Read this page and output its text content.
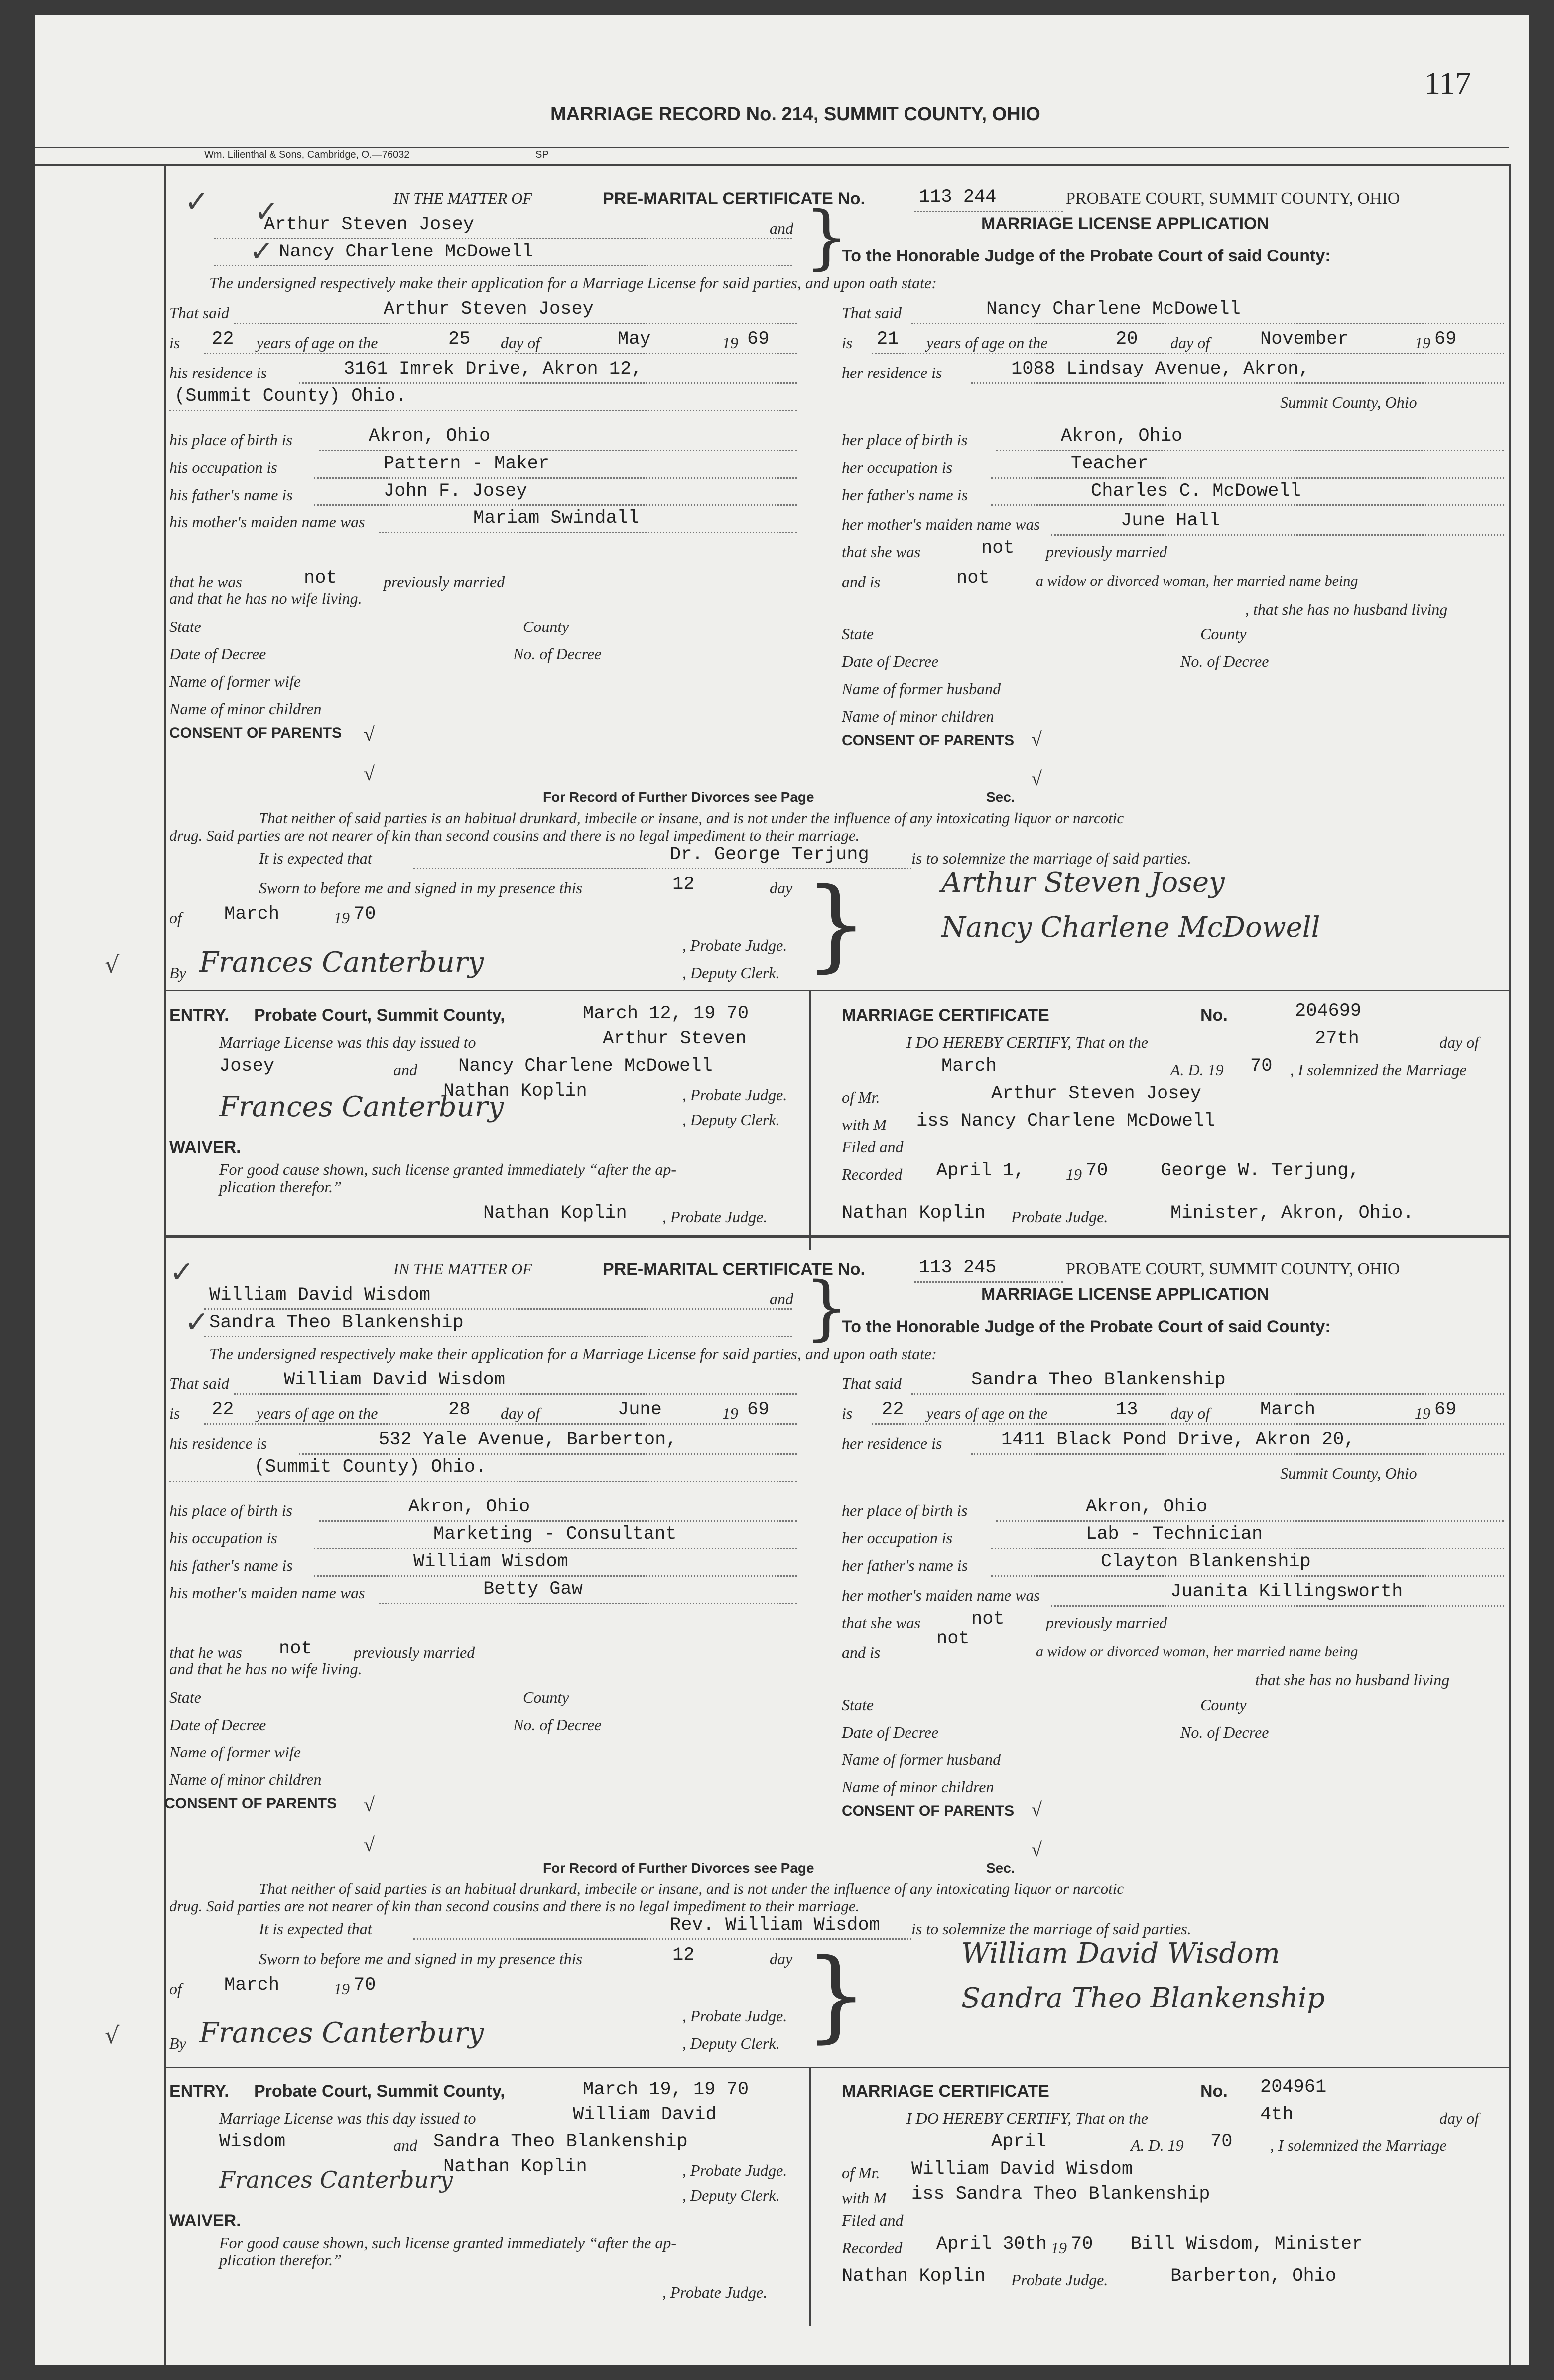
117
MARRIAGE RECORD No. 214, SUMMIT COUNTY, OHIO
Wm. Lilienthal & Sons, Cambridge, O.—76032	SP
✓ ✓
✓
√
IN THE MATTER OF	PRE-MARITAL CERTIFICATE No.	113 244	PROBATE COURT, SUMMIT COUNTY, OHIO
Arthur Steven Josey	and
Nancy Charlene McDowell	}	MARRIAGE LICENSE APPLICATION
To the Honorable Judge of the Probate Court of said County:
The undersigned respectively make their application for a Marriage License for said parties, and upon oath state:
That said	Arthur Steven Josey
is 22 years of age on the	25 day of	May	19 69
his residence is	3161 Imrek Drive, Akron 12,
(Summit County) Ohio.
his place of birth is	Akron, Ohio
his occupation is	Pattern - Maker
his father's name is	John F. Josey
his mother's maiden name was	Mariam Swindall
that he was	not	previously married
and that he has no wife living.
State	County
Date of Decree	No. of Decree
Name of former wife
Name of minor children
CONSENT OF PARENTS √
√
That said	Nancy Charlene McDowell
is 21 years of age on the	20 day of	November	19 69
her residence is	1088 Lindsay Avenue, Akron,
Summit County, Ohio
her place of birth is	Akron, Ohio
her occupation is	Teacher
her father's name is	Charles C. McDowell
her mother's maiden name was	June Hall
that she was	not previously married
and is	not	a widow or divorced woman, her married name being
, that she has no husband living
State	County
Date of Decree	No. of Decree
Name of former husband
Name of minor children
CONSENT OF PARENTS √
√
For Record of Further Divorces see Page	Sec.
That neither of said parties is an habitual drunkard, imbecile or insane, and is not under the influence of any intoxicating liquor or narcotic
drug. Said parties are not nearer of kin than second cousins and there is no legal impediment to their marriage.
It is expected that	Dr. George Terjung	is to solemnize the marriage of said parties.
Sworn to before me and signed in my presence this	12	day
of March	19 70
, Probate Judge.
By Frances Canterbury	, Deputy Clerk. }	Arthur Steven Josey
Nancy Charlene McDowell
ENTRY. Probate Court, Summit County,	March 12, 19 70
Marriage License was this day issued to	Arthur Steven
Josey	and Nancy Charlene McDowell
Nathan Koplin	, Probate Judge.
Frances Canterbury	, Deputy Clerk.
WAIVER.
For good cause shown, such license granted immediately “after the ap-
plication therefor.”
Nathan Koplin , Probate Judge.
MARRIAGE CERTIFICATE	No.	204699
I DO HEREBY CERTIFY, That on the	27th	day of
March	A. D. 19 70 , I solemnized the Marriage
of Mr.	Arthur Steven Josey
with M iss Nancy Charlene McDowell
Filed and
Recorded April 1,	19 70	George W. Terjung,
Nathan Koplin Probate Judge.	Minister, Akron, Ohio.
✓
✓
√
IN THE MATTER OF	PRE-MARITAL CERTIFICATE No.	113 245	PROBATE COURT, SUMMIT COUNTY, OHIO
William David Wisdom	and
Sandra Theo Blankenship	}	MARRIAGE LICENSE APPLICATION
To the Honorable Judge of the Probate Court of said County:
The undersigned respectively make their application for a Marriage License for said parties, and upon oath state:
That said	William David Wisdom
is 22 years of age on the	28 day of	June	19 69
his residence is	532 Yale Avenue, Barberton,
(Summit County) Ohio.
his place of birth is	Akron, Ohio
his occupation is	Marketing - Consultant
his father's name is	William Wisdom
his mother's maiden name was	Betty Gaw
that he was not	previously married
and that he has no wife living.
State	County
Date of Decree	No. of Decree
Name of former wife
Name of minor children
CONSENT OF PARENTS √
√
That said	Sandra Theo Blankenship
is 22 years of age on the	13 day of	March	19 69
her residence is	1411 Black Pond Drive, Akron 20,
Summit County, Ohio
her place of birth is	Akron, Ohio
her occupation is	Lab - Technician
her father's name is	Clayton Blankenship
her mother's maiden name was	Juanita Killingsworth
that she was	not	previously married
and is
not
a widow or divorced woman, her married name being
that she has no husband living
State	County
Date of Decree	No. of Decree
Name of former husband
Name of minor children
CONSENT OF PARENTS √
√
For Record of Further Divorces see Page	Sec.
That neither of said parties is an habitual drunkard, imbecile or insane, and is not under the influence of any intoxicating liquor or narcotic
drug. Said parties are not nearer of kin than second cousins and there is no legal impediment to their marriage.
It is expected that	Rev. William Wisdom is to solemnize the marriage of said parties.
Sworn to before me and signed in my presence this	12	day
of March	19 70
, Probate Judge.
By Frances Canterbury	, Deputy Clerk. }	William David Wisdom
Sandra Theo Blankenship
ENTRY. Probate Court, Summit County,	March 19, 19 70
Marriage License was this day issued to	William David
Wisdom	and Sandra Theo Blankenship
Nathan Koplin	, Probate Judge.
Frances Canterbury
, Deputy Clerk.
WAIVER.
For good cause shown, such license granted immediately “after the ap-
plication therefor.”
, Probate Judge.
MARRIAGE CERTIFICATE	No. 204961
I DO HEREBY CERTIFY, That on the	4th	day of
April	A. D. 19 70 , I solemnized the Marriage
of Mr. William David Wisdom
with M iss Sandra Theo Blankenship
Filed and
Recorded April 30th 19 70 Bill Wisdom, Minister
Nathan Koplin Probate Judge.	Barberton, Ohio
